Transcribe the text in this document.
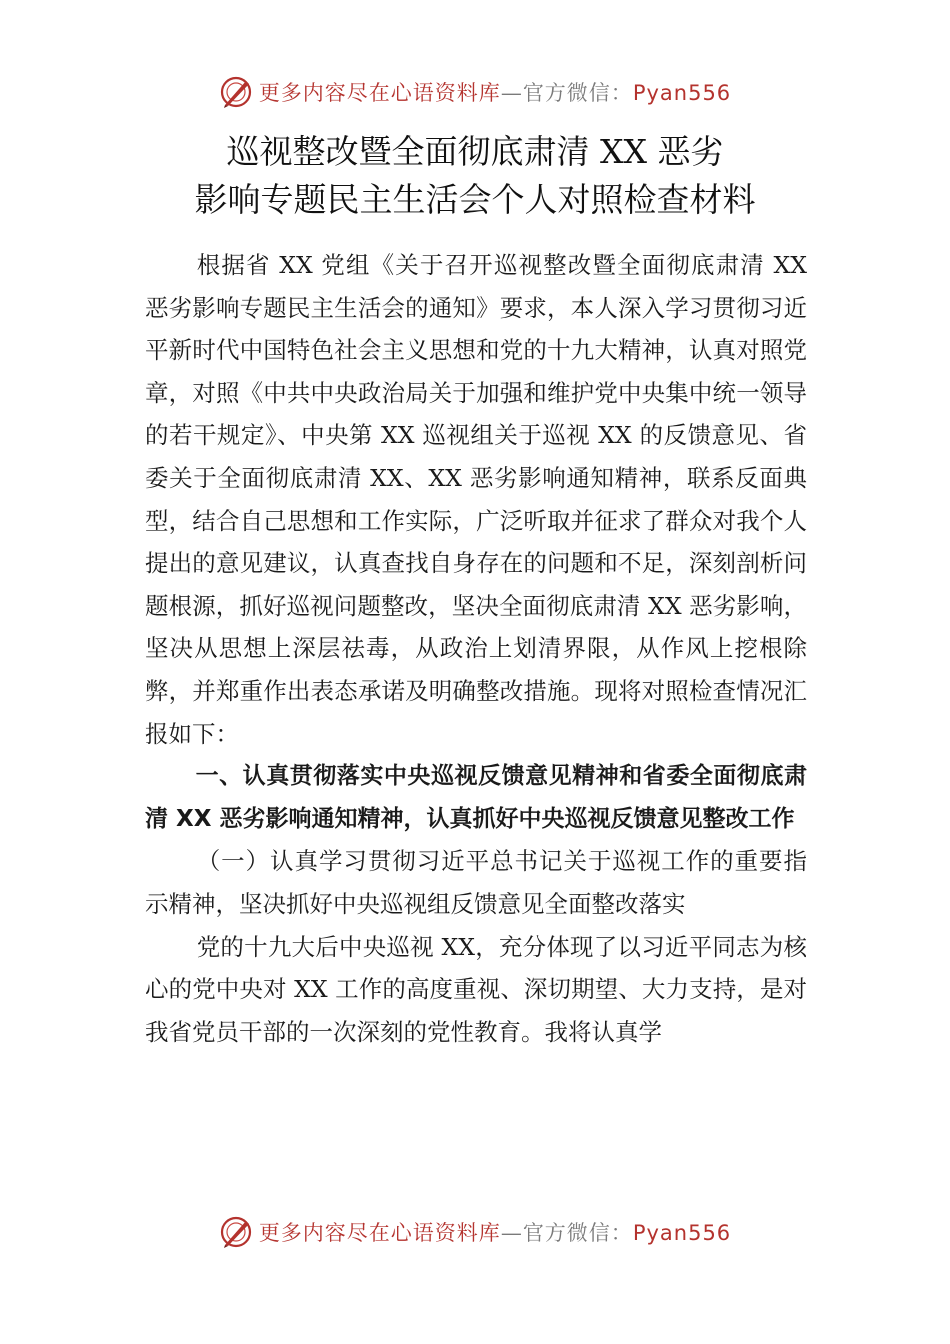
更多内容尽在心语资料库—官方微信：Pyan556
巡视整改暨全面彻底肃清 XX 恶劣
影响专题民主生活会个人对照检查材料

根据省 XX 党组《关于召开巡视整改暨全面彻底肃清 XX 恶劣影响专题民主生活会的通知》要求，本人深入学习贯彻习近平新时代中国特色社会主义思想和党的十九大精神，认真对照党章，对照《中共中央政治局关于加强和维护党中央集中统一领导的若干规定》、中央第 XX 巡视组关于巡视 XX 的反馈意见、省委关于全面彻底肃清 XX、XX 恶劣影响通知精神，联系反面典型，结合自己思想和工作实际，广泛听取并征求了群众对我个人提出的意见建议，认真查找自身存在的问题和不足，深刻剖析问题根源，抓好巡视问题整改，坚决全面彻底肃清 XX 恶劣影响，坚决从思想上深层祛毒，从政治上划清界限，从作风上挖根除弊，并郑重作出表态承诺及明确整改措施。现将对照检查情况汇报如下：

一、认真贯彻落实中央巡视反馈意见精神和省委全面彻底肃清 XX 恶劣影响通知精神，认真抓好中央巡视反馈意见整改工作

（一）认真学习贯彻习近平总书记关于巡视工作的重要指示精神，坚决抓好中央巡视组反馈意见全面整改落实

党的十九大后中央巡视 XX，充分体现了以习近平同志为核心的党中央对 XX 工作的高度重视、深切期望、大力支持，是对我省党员干部的一次深刻的党性教育。我将认真学

更多内容尽在心语资料库—官方微信：Pyan556
